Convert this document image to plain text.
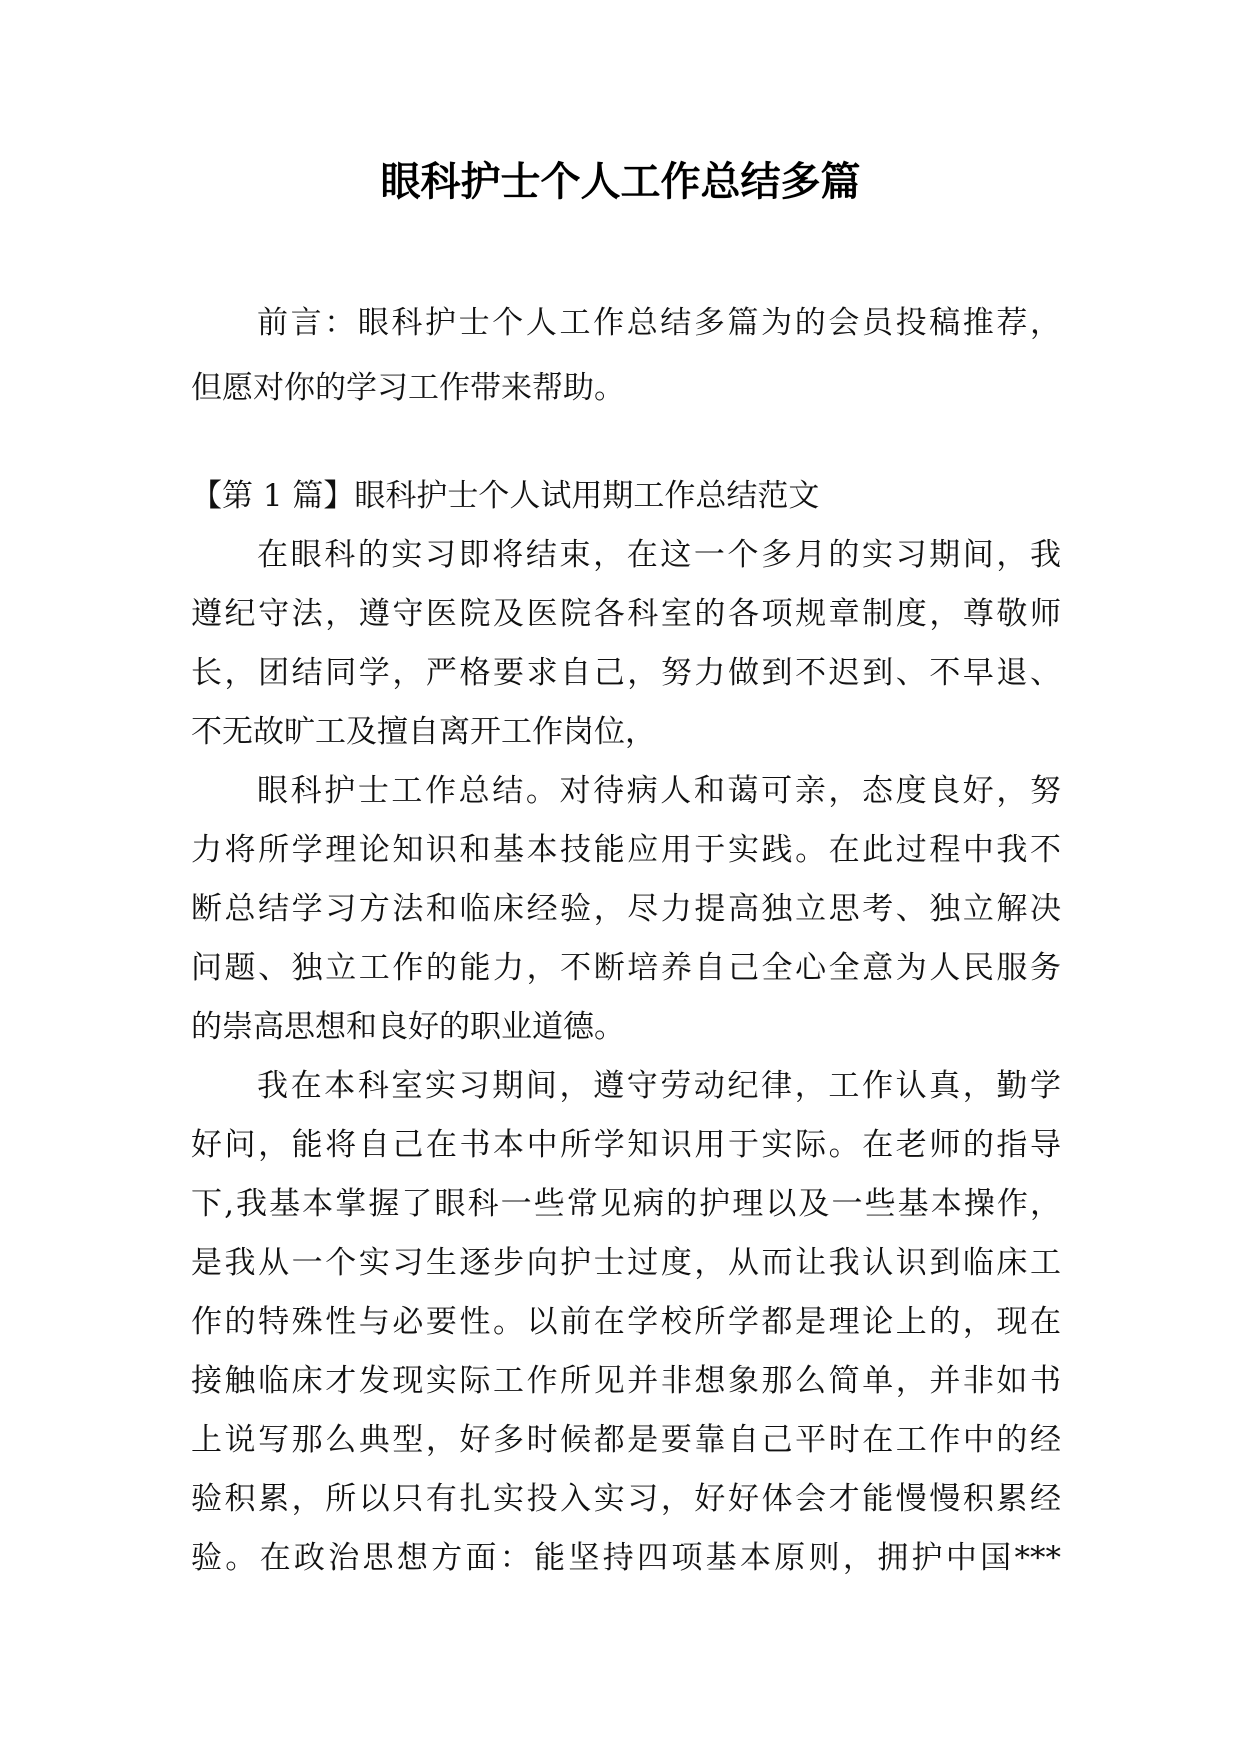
眼科护士个人工作总结多篇
前言：眼科护士个人工作总结多篇为的会员投稿推荐，
但愿对你的学习工作带来帮助。
【第 1 篇】眼科护士个人试用期工作总结范文
在眼科的实习即将结束，在这一个多月的实习期间，我
遵纪守法，遵守医院及医院各科室的各项规章制度，尊敬师
长，团结同学，严格要求自己，努力做到不迟到、不早退、
不无故旷工及擅自离开工作岗位，
眼科护士工作总结。对待病人和蔼可亲，态度良好，努
力将所学理论知识和基本技能应用于实践。在此过程中我不
断总结学习方法和临床经验，尽力提高独立思考、独立解决
问题、独立工作的能力，不断培养自己全心全意为人民服务
的崇高思想和良好的职业道德。
我在本科室实习期间，遵守劳动纪律，工作认真，勤学
好问，能将自己在书本中所学知识用于实际。在老师的指导
下,我基本掌握了眼科一些常见病的护理以及一些基本操作，
是我从一个实习生逐步向护士过度，从而让我认识到临床工
作的特殊性与必要性。以前在学校所学都是理论上的，现在
接触临床才发现实际工作所见并非想象那么简单，并非如书
上说写那么典型，好多时候都是要靠自己平时在工作中的经
验积累，所以只有扎实投入实习，好好体会才能慢慢积累经
验。在政治思想方面：能坚持四项基本原则，拥护中国***
